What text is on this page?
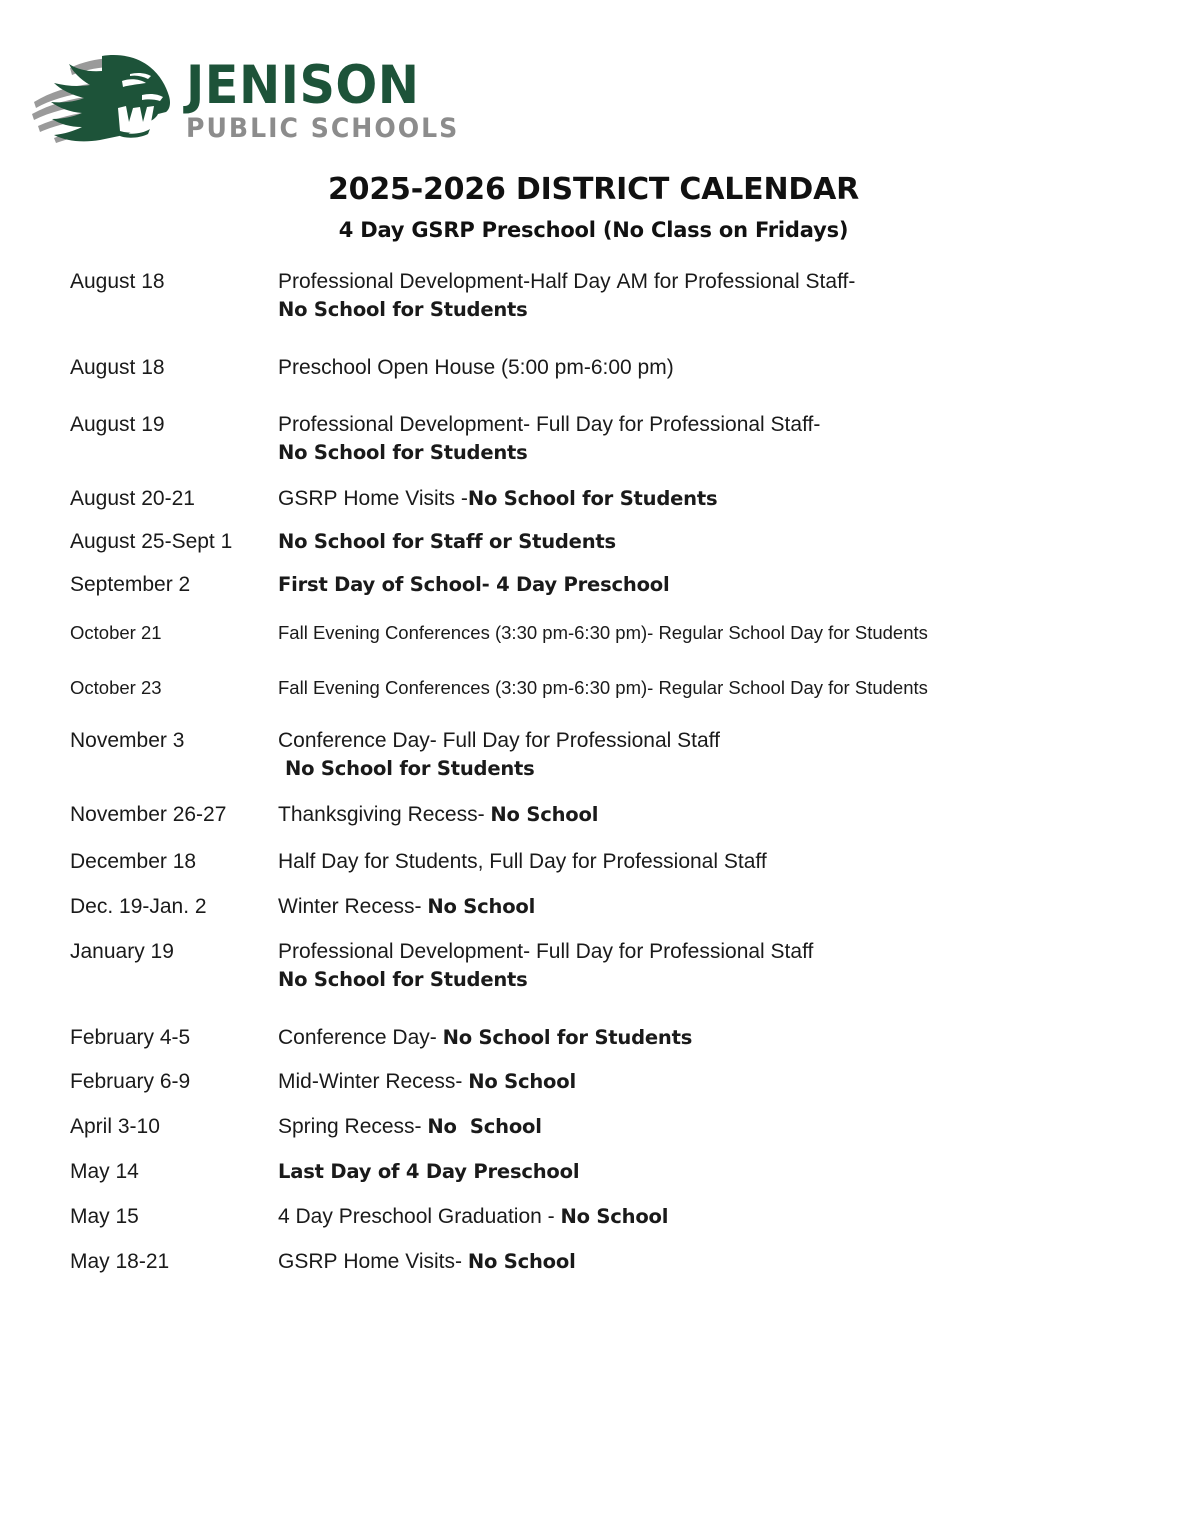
JENISON
PUBLIC SCHOOLS
2025-2026 DISTRICT CALENDAR
4 Day GSRP Preschool (No Class on Fridays)
August 18	Professional Development-Half Day AM for Professional Staff-
No School for Students
August 18	Preschool Open House (5:00 pm-6:00 pm)
August 19	Professional Development- Full Day for Professional Staff-
No School for Students
August 20-21	GSRP Home Visits -No School for Students
August 25-Sept 1	No School for Staff or Students
September 2	First Day of School- 4 Day Preschool
October 21	Fall Evening Conferences (3:30 pm-6:30 pm)- Regular School Day for Students
October 23	Fall Evening Conferences (3:30 pm-6:30 pm)- Regular School Day for Students
November 3	Conference Day- Full Day for Professional Staff
No School for Students
November 26-27	Thanksgiving Recess- No School
December 18	Half Day for Students, Full Day for Professional Staff
Dec. 19-Jan. 2	Winter Recess- No School
January 19	Professional Development- Full Day for Professional Staff
No School for Students
February 4-5	Conference Day- No School for Students
February 6-9	Mid-Winter Recess- No School
April 3-10	Spring Recess- No  School
May 14	Last Day of 4 Day Preschool
May 15	4 Day Preschool Graduation - No School
May 18-21	GSRP Home Visits- No School
